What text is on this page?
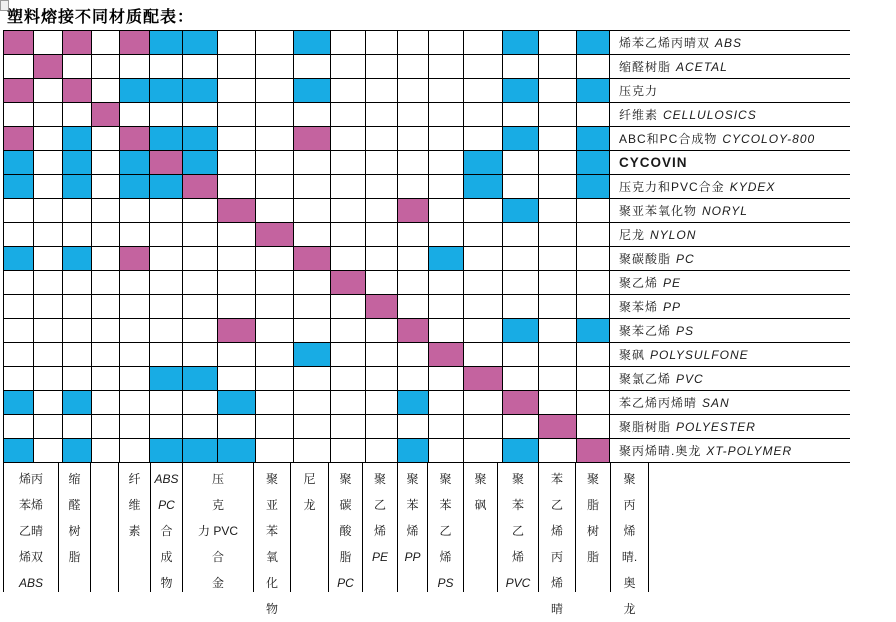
塑料熔接不同材质配表：
烯苯乙烯丙晴双 ABS
缩醛树脂 ACETAL
压克力
纤维素 CELLULOSICS
ABC和PC合成物 CYCOLOY-800
CYCOVIN
压克力和PVC合金 KYDEX
聚亚苯氧化物 NORYL
尼龙 NYLON
聚碳酸脂 PC
聚乙烯 PE
聚苯烯 PP
聚苯乙烯 PS
聚砜 POLYSULFONE
聚氯乙烯 PVC
苯乙烯丙烯晴 SAN
聚脂树脂 POLYESTER
聚丙烯晴.奥龙 XT-POLYMER
烯丙
苯烯
乙晴
烯双
ABS
缩
醛
树
脂
纤
维
素
ABS
PC
合
成
物
压
克
力 PVC
合
金
聚
亚
苯
氧
化
物
尼
龙
聚
碳
酸
脂
PC
聚
乙
烯
PE
聚
苯
烯
PP
聚
苯
乙
烯
PS
聚
砜
聚
苯
乙
烯
PVC
苯
乙
烯
丙
烯
晴
聚
脂
树
脂
聚
丙
烯
晴.
奥
龙
